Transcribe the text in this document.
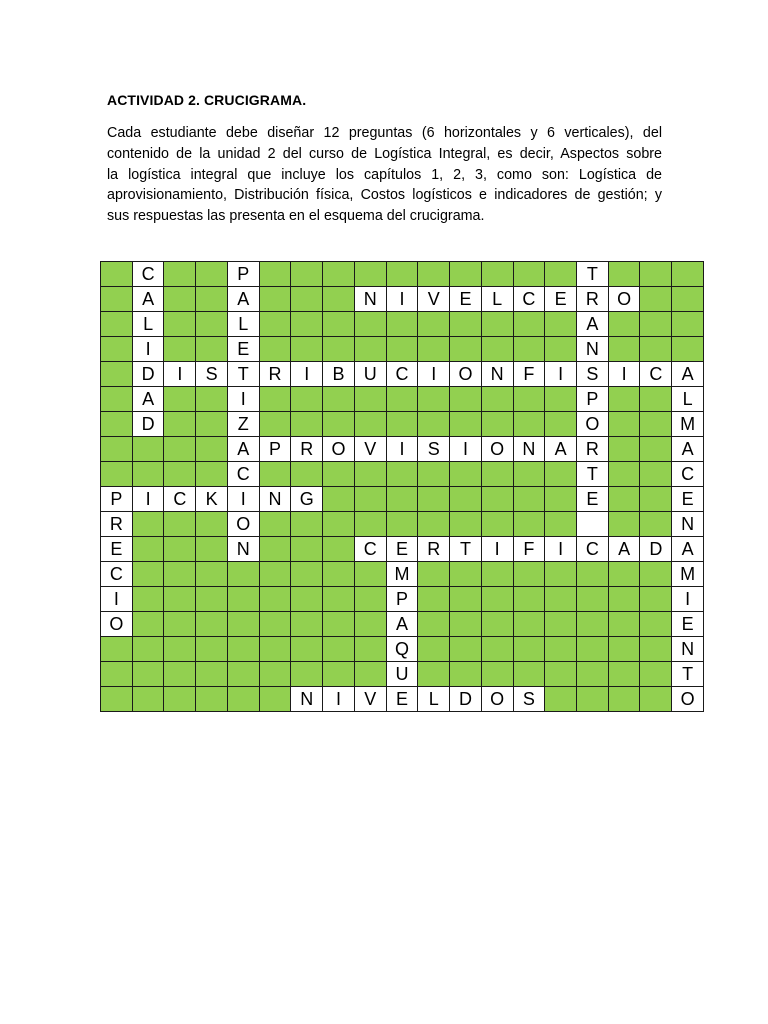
ACTIVIDAD 2. CRUCIGRAMA.
Cada estudiante debe diseñar 12 preguntas (6 horizontales y 6 verticales), del
contenido de la unidad 2 del curso de Logística Integral, es decir, Aspectos sobre
la logística integral que incluye los capítulos 1, 2, 3, como son: Logística de
aprovisionamiento, Distribución física, Costos logísticos e indicadores de gestión; y
sus respuestas las presenta en el esquema del crucigrama.
	C			P											T			
	A			A				N	I	V	E	L	C	E	R	O		
	L			L											A			
	I			E											N			
	D	I	S	T	R	I	B	U	C	I	O	N	F	I	S	I	C	A
	A			I											P			L
	D			Z											O			M
				A	P	R	O	V	I	S	I	O	N	A	R			A
				C											T			C
P	I	C	K	I	N	G									E			E
R				O														N
E				N				C	E	R	T	I	F	I	C	A	D	A
C									M									M
I									P									I
O									A									E
									Q									N
									U									T
						N	I	V	E	L	D	O	S					O
